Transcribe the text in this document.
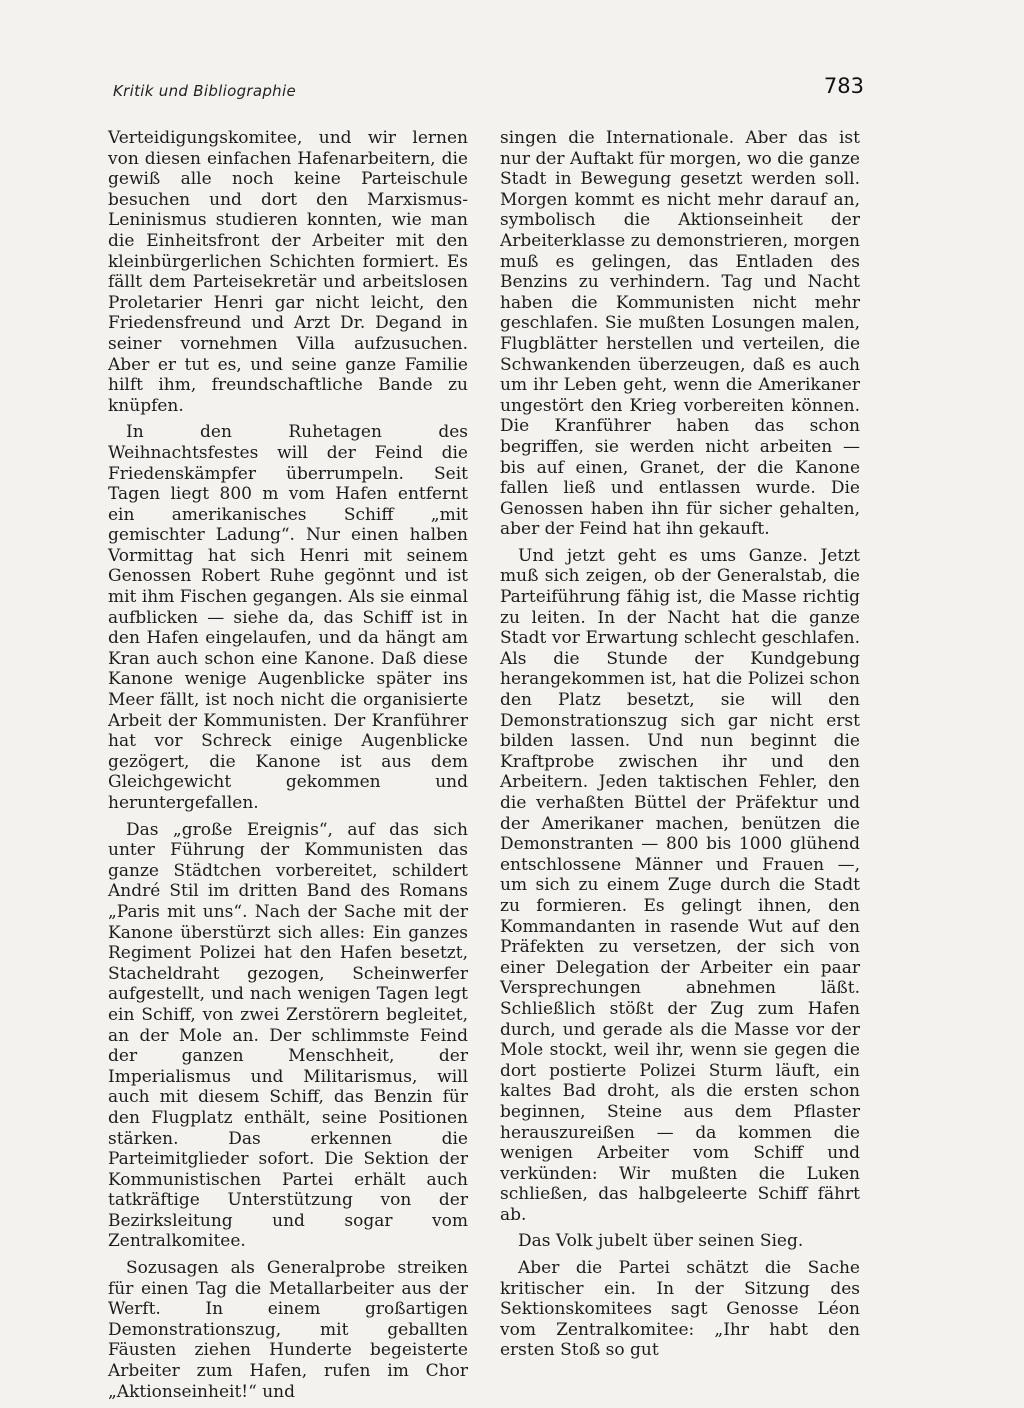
Kritik und Bibliographie	783

Verteidigungskomitee, und wir lernen von diesen einfachen Hafenarbeitern, die gewiß alle noch keine Parteischule besuchen und dort den Marxismus-Leninismus studieren konnten, wie man die Einheitsfront der Arbeiter mit den kleinbürgerlichen Schichten formiert. Es fällt dem Parteisekretär und arbeitslosen Proletarier Henri gar nicht leicht, den Friedensfreund und Arzt Dr. Degand in seiner vornehmen Villa aufzusuchen. Aber er tut es, und seine ganze Familie hilft ihm, freundschaftliche Bande zu knüpfen.

In den Ruhetagen des Weihnachtsfestes will der Feind die Friedenskämpfer überrumpeln. Seit Tagen liegt 800 m vom Hafen entfernt ein amerikanisches Schiff „mit gemischter Ladung“. Nur einen halben Vormittag hat sich Henri mit seinem Genossen Robert Ruhe gegönnt und ist mit ihm Fischen gegangen. Als sie einmal aufblicken — siehe da, das Schiff ist in den Hafen eingelaufen, und da hängt am Kran auch schon eine Kanone. Daß diese Kanone wenige Augenblicke später ins Meer fällt, ist noch nicht die organisierte Arbeit der Kommunisten. Der Kranführer hat vor Schreck einige Augenblicke gezögert, die Kanone ist aus dem Gleichgewicht gekommen und heruntergefallen.

Das „große Ereignis“, auf das sich unter Führung der Kommunisten das ganze Städtchen vorbereitet, schildert André Stil im dritten Band des Romans „Paris mit uns“. Nach der Sache mit der Kanone überstürzt sich alles: Ein ganzes Regiment Polizei hat den Hafen besetzt, Stacheldraht gezogen, Scheinwerfer aufgestellt, und nach wenigen Tagen legt ein Schiff, von zwei Zerstörern begleitet, an der Mole an. Der schlimmste Feind der ganzen Menschheit, der Imperialismus und Militarismus, will auch mit diesem Schiff, das Benzin für den Flugplatz enthält, seine Positionen stärken. Das erkennen die Parteimitglieder sofort. Die Sektion der Kommunistischen Partei erhält auch tatkräftige Unterstützung von der Bezirksleitung und sogar vom Zentralkomitee.

Sozusagen als Generalprobe streiken für einen Tag die Metallarbeiter aus der Werft. In einem großartigen Demonstrationszug, mit geballten Fäusten ziehen Hunderte begeisterte Arbeiter zum Hafen, rufen im Chor „Aktionseinheit!“ und

singen die Internationale. Aber das ist nur der Auftakt für morgen, wo die ganze Stadt in Bewegung gesetzt werden soll. Morgen kommt es nicht mehr darauf an, symbolisch die Aktionseinheit der Arbeiterklasse zu demonstrieren, morgen muß es gelingen, das Entladen des Benzins zu verhindern. Tag und Nacht haben die Kommunisten nicht mehr geschlafen. Sie mußten Losungen malen, Flugblätter herstellen und verteilen, die Schwankenden überzeugen, daß es auch um ihr Leben geht, wenn die Amerikaner ungestört den Krieg vorbereiten können. Die Kranführer haben das schon begriffen, sie werden nicht arbeiten — bis auf einen, Granet, der die Kanone fallen ließ und entlassen wurde. Die Genossen haben ihn für sicher gehalten, aber der Feind hat ihn gekauft.

Und jetzt geht es ums Ganze. Jetzt muß sich zeigen, ob der Generalstab, die Parteiführung fähig ist, die Masse richtig zu leiten. In der Nacht hat die ganze Stadt vor Erwartung schlecht geschlafen. Als die Stunde der Kundgebung herangekommen ist, hat die Polizei schon den Platz besetzt, sie will den Demonstrationszug sich gar nicht erst bilden lassen. Und nun beginnt die Kraftprobe zwischen ihr und den Arbeitern. Jeden taktischen Fehler, den die verhaßten Büttel der Präfektur und der Amerikaner machen, benützen die Demonstranten — 800 bis 1000 glühend entschlossene Männer und Frauen —, um sich zu einem Zuge durch die Stadt zu formieren. Es gelingt ihnen, den Kommandanten in rasende Wut auf den Präfekten zu versetzen, der sich von einer Delegation der Arbeiter ein paar Versprechungen abnehmen läßt. Schließlich stößt der Zug zum Hafen durch, und gerade als die Masse vor der Mole stockt, weil ihr, wenn sie gegen die dort postierte Polizei Sturm läuft, ein kaltes Bad droht, als die ersten schon beginnen, Steine aus dem Pflaster herauszureißen — da kommen die wenigen Arbeiter vom Schiff und verkünden: Wir mußten die Luken schließen, das halbgeleerte Schiff fährt ab.

Das Volk jubelt über seinen Sieg.

Aber die Partei schätzt die Sache kritischer ein. In der Sitzung des Sektionskomitees sagt Genosse Léon vom Zentralkomitee: „Ihr habt den ersten Stoß so gut
